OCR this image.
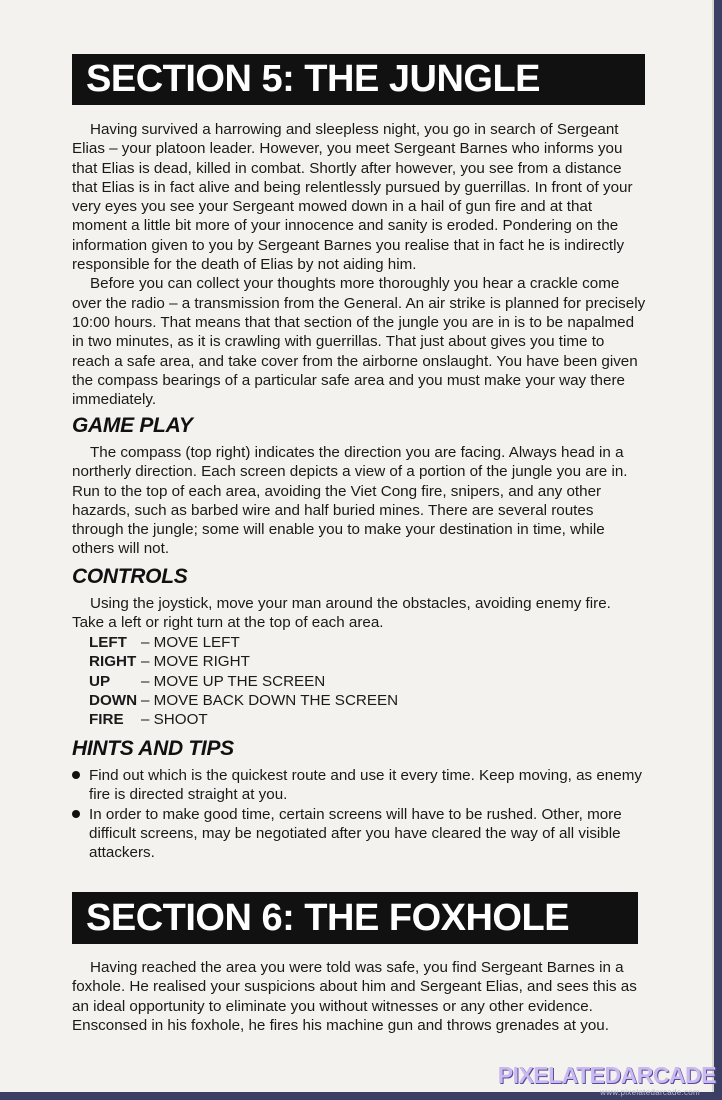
SECTION 5: THE JUNGLE

Having survived a harrowing and sleepless night, you go in search of Sergeant Elias – your platoon leader. However, you meet Sergeant Barnes who informs you that Elias is dead, killed in combat. Shortly after however, you see from a distance that Elias is in fact alive and being relentlessly pursued by guerrillas. In front of your very eyes you see your Sergeant mowed down in a hail of gun fire and at that moment a little bit more of your innocence and sanity is eroded. Pondering on the information given to you by Sergeant Barnes you realise that in fact he is indirectly responsible for the death of Elias by not aiding him.

Before you can collect your thoughts more thoroughly you hear a crackle come over the radio – a transmission from the General. An air strike is planned for precisely 10:00 hours. That means that that section of the jungle you are in is to be napalmed in two minutes, as it is crawling with guerrillas. That just about gives you time to reach a safe area, and take cover from the airborne onslaught. You have been given the compass bearings of a particular safe area and you must make your way there immediately.

GAME PLAY

The compass (top right) indicates the direction you are facing. Always head in a northerly direction. Each screen depicts a view of a portion of the jungle you are in. Run to the top of each area, avoiding the Viet Cong fire, snipers, and any other hazards, such as barbed wire and half buried mines. There are several routes through the jungle; some will enable you to make your destination in time, while others will not.

CONTROLS

Using the joystick, move your man around the obstacles, avoiding enemy fire. Take a left or right turn at the top of each area.

LEFT – MOVE LEFT
RIGHT – MOVE RIGHT
UP – MOVE UP THE SCREEN
DOWN – MOVE BACK DOWN THE SCREEN
FIRE – SHOOT
HINTS AND TIPS
Find out which is the quickest route and use it every time. Keep moving, as enemy fire is directed straight at you.
In order to make good time, certain screens will have to be rushed. Other, more difficult screens, may be negotiated after you have cleared the way of all visible attackers.
SECTION 6: THE FOXHOLE

Having reached the area you were told was safe, you find Sergeant Barnes in a foxhole. He realised your suspicions about him and Sergeant Elias, and sees this as an ideal opportunity to eliminate you without witnesses or any other evidence. Ensconsed in his foxhole, he fires his machine gun and throws grenades at you.

PIXELATEDARCADE
www.pixelatedarcade.com
